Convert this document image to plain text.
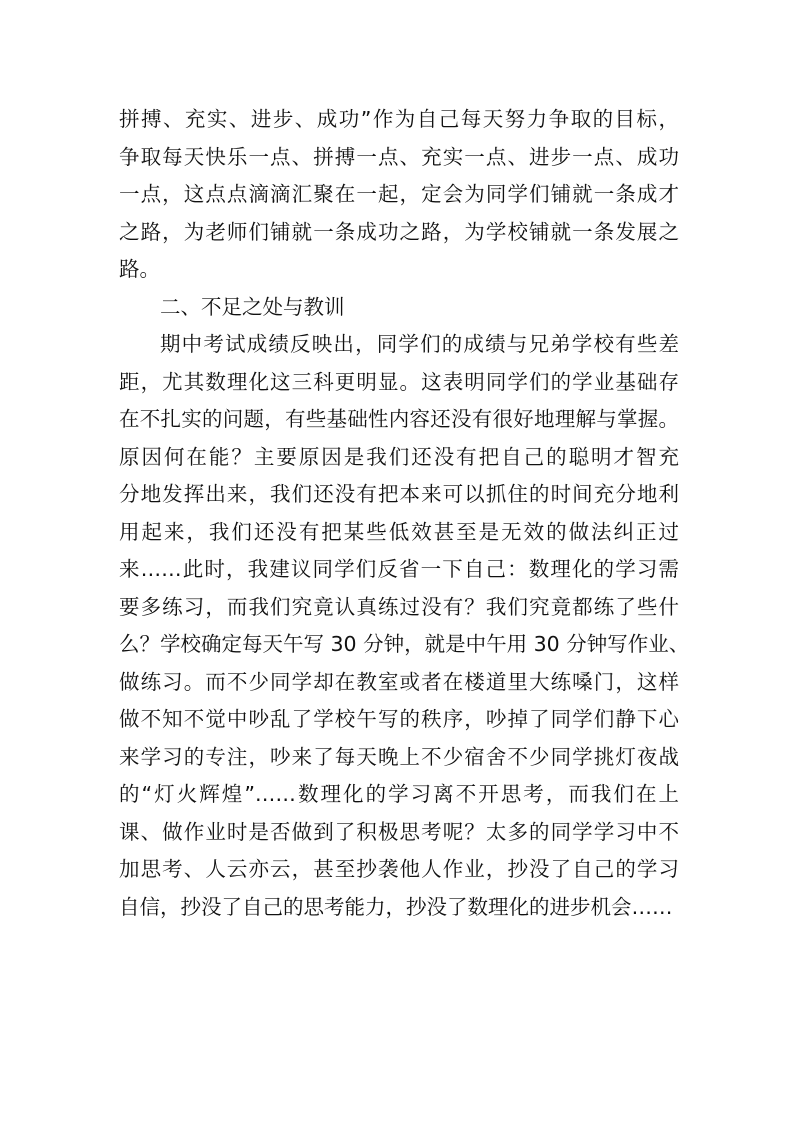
拼搏、充实、进步、成功”作为自己每天努力争取的目标，
争取每天快乐一点、拼搏一点、充实一点、进步一点、成功
一点，这点点滴滴汇聚在一起，定会为同学们铺就一条成才
之路，为老师们铺就一条成功之路，为学校铺就一条发展之
路。
二、不足之处与教训
期中考试成绩反映出，同学们的成绩与兄弟学校有些差
距，尤其数理化这三科更明显。这表明同学们的学业基础存
在不扎实的问题，有些基础性内容还没有很好地理解与掌握。
原因何在能？主要原因是我们还没有把自己的聪明才智充
分地发挥出来，我们还没有把本来可以抓住的时间充分地利
用起来，我们还没有把某些低效甚至是无效的做法纠正过
来……此时，我建议同学们反省一下自己：数理化的学习需
要多练习，而我们究竟认真练过没有？我们究竟都练了些什
么？学校确定每天午写 30 分钟，就是中午用 30 分钟写作业、
做练习。而不少同学却在教室或者在楼道里大练嗓门，这样
做不知不觉中吵乱了学校午写的秩序，吵掉了同学们静下心
来学习的专注，吵来了每天晚上不少宿舍不少同学挑灯夜战
的“灯火辉煌”……数理化的学习离不开思考，而我们在上
课、做作业时是否做到了积极思考呢？太多的同学学习中不
加思考、人云亦云，甚至抄袭他人作业，抄没了自己的学习
自信，抄没了自己的思考能力，抄没了数理化的进步机会……
